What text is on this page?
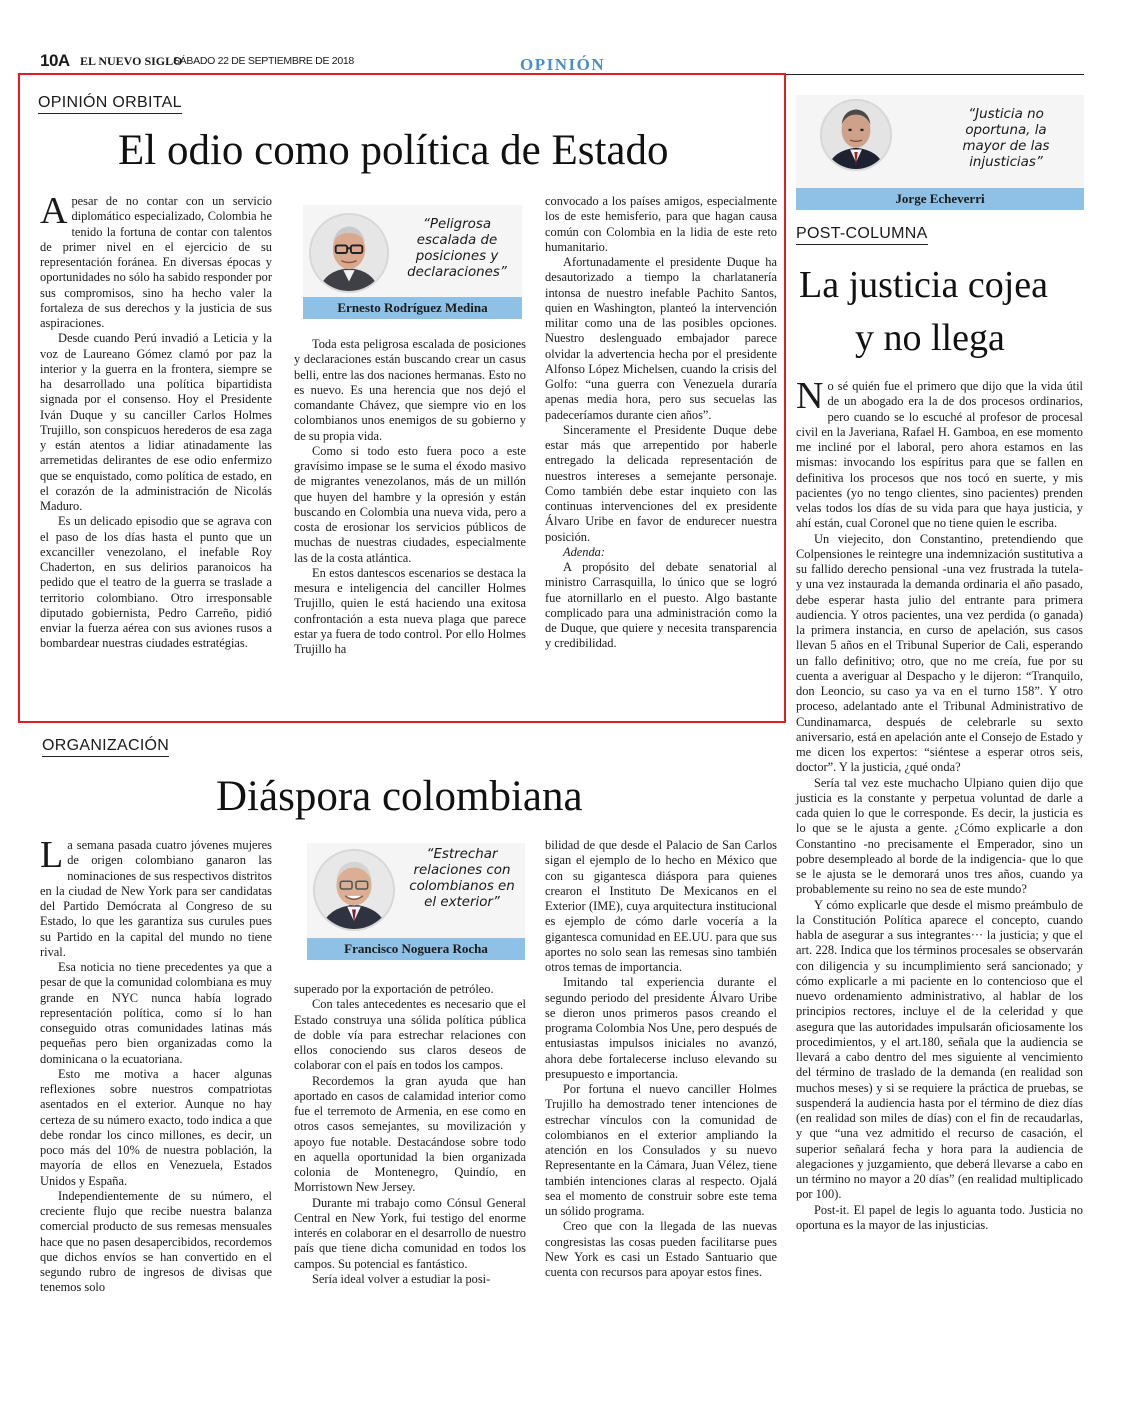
10A EL NUEVO SIGLO
SÁBADO 22 DE SEPTIEMBRE DE 2018	OPINIÓN
OPINIÓN ORBITAL
El odio como política de Estado

Apesar de no contar con un servicio diplomático especializado, Colombia he tenido la fortuna de contar con talentos de primer nivel en el ejercicio de su representación foránea. En diversas épocas y oportunidades no sólo ha sabido responder por sus compromisos, sino ha hecho valer la fortaleza de sus derechos y la justicia de sus aspiraciones.

Desde cuando Perú invadió a Leticia y la voz de Laureano Gómez clamó por paz la interior y la guerra en la frontera, siempre se ha desarrollado una política bipartidista signada por el consenso. Hoy el Presidente Iván Duque y su canciller Carlos Holmes Trujillo, son conspicuos herederos de esa zaga y están atentos a lidiar atinadamente las arremetidas delirantes de ese odio enfermizo que se enquistado, como política de estado, en el corazón de la administración de Nicolás Maduro.

Es un delicado episodio que se agrava con el paso de los días hasta el punto que un excanciller venezolano, el inefable Roy Chaderton, en sus delirios paranoicos ha pedido que el teatro de la guerra se traslade a territorio colombiano. Otro irresponsable diputado gobiernista, Pedro Carreño, pidió enviar la fuerza aérea con sus aviones rusos a bombardear nuestras ciudades estratégias.

“Peligrosa escalada de posiciones y declaraciones”
Ernesto Rodríguez Medina

Toda esta peligrosa escalada de posiciones y declaraciones están buscando crear un casus belli, entre las dos naciones hermanas. Esto no es nuevo. Es una herencia que nos dejó el comandante Chávez, que siempre vio en los colombianos unos enemigos de su gobierno y de su propia vida.

Como si todo esto fuera poco a este gravísimo impase se le suma el éxodo masivo de migrantes venezolanos, más de un millón que huyen del hambre y la opresión y están buscando en Colombia una nueva vida, pero a costa de erosionar los servicios públicos de muchas de nuestras ciudades, especialmente las de la costa atlántica.

En estos dantescos escenarios se destaca la mesura e inteligencia del canciller Holmes Trujillo, quien le está haciendo una exitosa confrontación a esta nueva plaga que parece estar ya fuera de todo control. Por ello Holmes Trujillo ha

convocado a los países amigos, especialmente los de este hemisferio, para que hagan causa común con Colombia en la lidia de este reto humanitario.

Afortunadamente el presidente Duque ha desautorizado a tiempo la charlatanería intonsa de nuestro inefable Pachito Santos, quien en Washington, planteó la intervención militar como una de las posibles opciones. Nuestro deslenguado embajador parece olvidar la advertencia hecha por el presidente Alfonso López Michelsen, cuando la crisis del Golfo: “una guerra con Venezuela duraría apenas media hora, pero sus secuelas las padeceríamos durante cien años”.

Sinceramente el Presidente Duque debe estar más que arrepentido por haberle entregado la delicada representación de nuestros intereses a semejante personaje. Como también debe estar inquieto con las continuas intervenciones del ex presidente Álvaro Uribe en favor de endurecer nuestra posición.

Adenda:

A propósito del debate senatorial al ministro Carrasquilla, lo único que se logró fue atornillarlo en el puesto. Algo bastante complicado para una administración como la de Duque, que quiere y necesita transparencia y credibilidad.

ORGANIZACIÓN
Diáspora colombiana

La semana pasada cuatro jóvenes mujeres de origen colombiano ganaron las nominaciones de sus respectivos distritos en la ciudad de New York para ser candidatas del Partido Demócrata al Congreso de su Estado, lo que les garantiza sus curules pues su Partido en la capital del mundo no tiene rival.

Esa noticia no tiene precedentes ya que a pesar de que la comunidad colombiana es muy grande en NYC nunca había logrado representación política, como sí lo han conseguido otras comunidades latinas más pequeñas pero bien organizadas como la dominicana o la ecuatoriana.

Esto me motiva a hacer algunas reflexiones sobre nuestros compatriotas asentados en el exterior. Aunque no hay certeza de su número exacto, todo indica a que debe rondar los cinco millones, es decir, un poco más del 10% de nuestra población, la mayoría de ellos en Venezuela, Estados Unidos y España.

Independientemente de su número, el creciente flujo que recibe nuestra balanza comercial producto de sus remesas mensuales hace que no pasen desapercibidos, recordemos que dichos envíos se han convertido en el segundo rubro de ingresos de divisas que tenemos solo

“Estrechar relaciones con colombianos en el exterior”
Francisco Noguera Rocha

superado por la exportación de petróleo.

Con tales antecedentes es necesario que el Estado construya una sólida política pública de doble vía para estrechar relaciones con ellos conociendo sus claros deseos de colaborar con el país en todos los campos.

Recordemos la gran ayuda que han aportado en casos de calamidad interior como fue el terremoto de Armenia, en ese como en otros casos semejantes, su movilización y apoyo fue notable. Destacándose sobre todo en aquella oportunidad la bien organizada colonia de Montenegro, Quindío, en Morristown New Jersey.

Durante mi trabajo como Cónsul General Central en New York, fui testigo del enorme interés en colaborar en el desarrollo de nuestro país que tiene dicha comunidad en todos los campos. Su potencial es fantástico.

Sería ideal volver a estudiar la posi-

bilidad de que desde el Palacio de San Carlos sigan el ejemplo de lo hecho en México que con su gigantesca diáspora para quienes crearon el Instituto De Mexicanos en el Exterior (IME), cuya arquitectura institucional es ejemplo de cómo darle vocería a la gigantesca comunidad en EE.UU. para que sus aportes no solo sean las remesas sino también otros temas de importancia.

Imitando tal experiencia durante el segundo periodo del presidente Álvaro Uribe se dieron unos primeros pasos creando el programa Colombia Nos Une, pero después de entusiastas impulsos iniciales no avanzó, ahora debe fortalecerse incluso elevando su presupuesto e importancia.

Por fortuna el nuevo canciller Holmes Trujillo ha demostrado tener intenciones de estrechar vínculos con la comunidad de colombianos en el exterior ampliando la atención en los Consulados y su nuevo Representante en la Cámara, Juan Vélez, tiene también intenciones claras al respecto. Ojalá sea el momento de construir sobre este tema un sólido programa.

Creo que con la llegada de las nuevas congresistas las cosas pueden facilitarse pues New York es casi un Estado Santuario que cuenta con recursos para apoyar estos fines.

“Justicia no oportuna, la mayor de las injusticias”
Jorge Echeverri
POST-COLUMNA
La justicia cojea
y no llega

No sé quién fue el primero que dijo que la vida útil de un abogado era la de dos procesos ordinarios, pero cuando se lo escuché al profesor de procesal civil en la Javeriana, Rafael H. Gamboa, en ese momento me incliné por el laboral, pero ahora estamos en las mismas: invocando los espíritus para que se fallen en definitiva los procesos que nos tocó en suerte, y mis pacientes (yo no tengo clientes, sino pacientes) prenden velas todos los días de su vida para que haya justicia, y ahí están, cual Coronel que no tiene quien le escriba.

Un viejecito, don Constantino, pretendiendo que Colpensiones le reintegre una indemnización sustitutiva a su fallido derecho pensional -una vez frustrada la tutela- y una vez instaurada la demanda ordinaria el año pasado, debe esperar hasta julio del entrante para primera audiencia. Y otros pacientes, una vez perdida (o ganada) la primera instancia, en curso de apelación, sus casos llevan 5 años en el Tribunal Superior de Cali, esperando un fallo definitivo; otro, que no me creía, fue por su cuenta a averiguar al Despacho y le dijeron: “Tranquilo, don Leoncio, su caso ya va en el turno 158”. Y otro proceso, adelantado ante el Tribunal Administrativo de Cundinamarca, después de celebrarle su sexto aniversario, está en apelación ante el Consejo de Estado y me dicen los expertos: “siéntese a esperar otros seis, doctor”. Y la justicia, ¿qué onda?

Sería tal vez este muchacho Ulpiano quien dijo que justicia es la constante y perpetua voluntad de darle a cada quien lo que le corresponde. Es decir, la justicia es lo que se le ajusta a gente. ¿Cómo explicarle a don Constantino -no precisamente el Emperador, sino un pobre desempleado al borde de la indigencia- que lo que se le ajusta se le demorará unos tres años, cuando ya probablemente su reino no sea de este mundo?

Y cómo explicarle que desde el mismo preámbulo de la Constitución Política aparece el concepto, cuando habla de asegurar a sus integrantes··· la justicia; y que el art. 228. Indica que los términos procesales se observarán con diligencia y su incumplimiento será sancionado; y cómo explicarle a mi paciente en lo contencioso que el nuevo ordenamiento administrativo, al hablar de los principios rectores, incluye el de la celeridad y que asegura que las autoridades impulsarán oficiosamente los procedimientos, y el art.180, señala que la audiencia se llevará a cabo dentro del mes siguiente al vencimiento del término de traslado de la demanda (en realidad son muchos meses) y si se requiere la práctica de pruebas, se suspenderá la audiencia hasta por el término de diez días (en realidad son miles de días) con el fin de recaudarlas, y que “una vez admitido el recurso de casación, el superior señalará fecha y hora para la audiencia de alegaciones y juzgamiento, que deberá llevarse a cabo en un término no mayor a 20 días” (en realidad multiplicado por 100).

Post-it. El papel de legis lo aguanta todo. Justicia no oportuna es la mayor de las injusticias.
